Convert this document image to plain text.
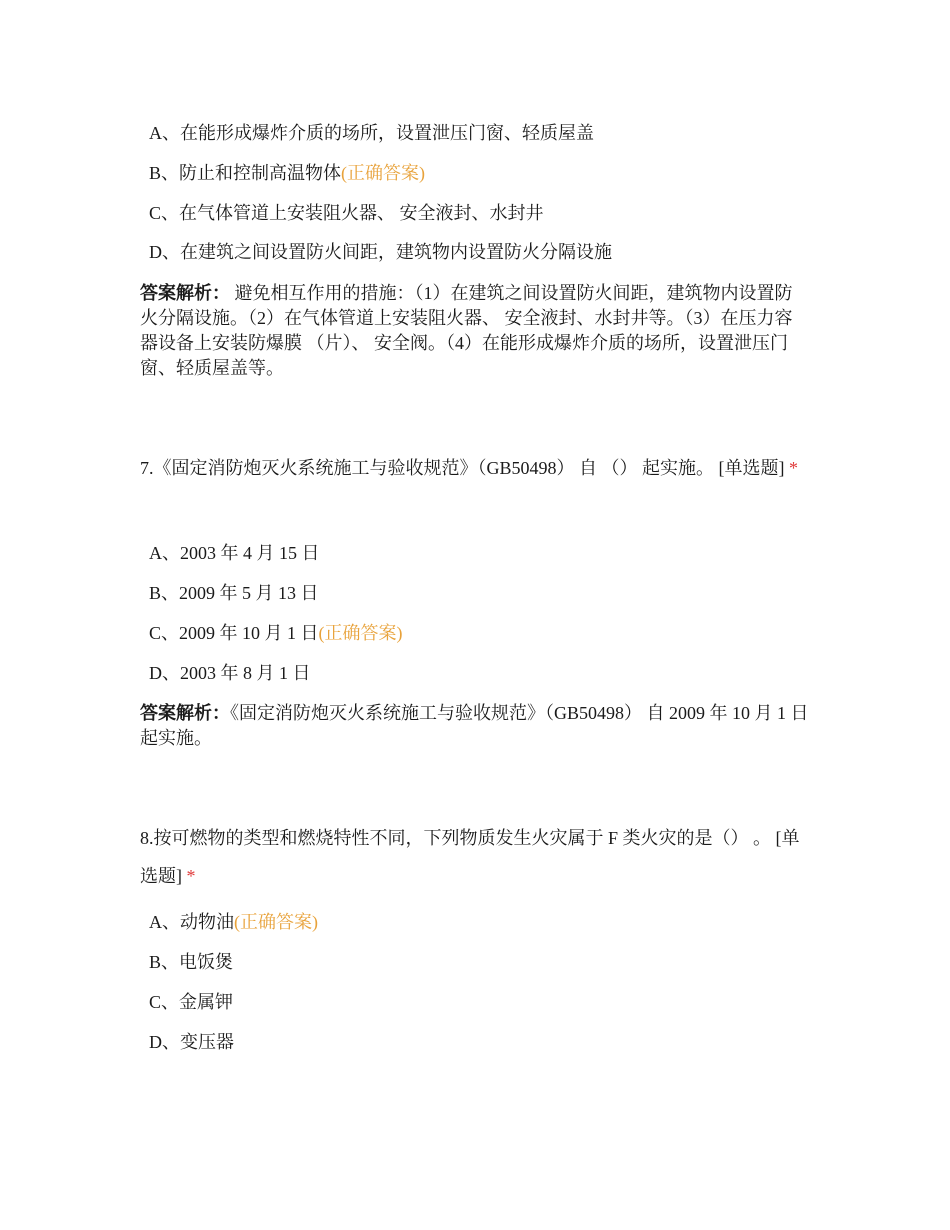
A、在能形成爆炸介质的场所，设置泄压门窗、轻质屋盖
B、防止和控制高温物体(正确答案)
C、在气体管道上安装阻火器、 安全液封、水封井
D、在建筑之间设置防火间距，建筑物内设置防火分隔设施
答案解析： 避免相互作用的措施：（1）在建筑之间设置防火间距，建筑物内设置防 火分隔设施。（2）在气体管道上安装阻火器、 安全液封、水封井等。（3）在压力容器设备上安装防爆膜 （片）、 安全阀。（4）在能形成爆炸介质的场所，设置泄压门窗、轻质屋盖等。
7.《固定消防炮灭火系统施工与验收规范》（GB50498） 自 （） 起实施。 [单选题] *
A、2003 年 4 月 15 日
B、2009 年 5 月 13 日
C、2009 年 10 月 1 日(正确答案)
D、2003 年 8 月 1 日
答案解析：《固定消防炮灭火系统施工与验收规范》（GB50498） 自 2009 年 10 月 1 日起实施。
8.按可燃物的类型和燃烧特性不同，下列物质发生火灾属于 F 类火灾的是（） 。 [单选题] *
A、动物油(正确答案)
B、电饭煲
C、金属钾
D、变压器
